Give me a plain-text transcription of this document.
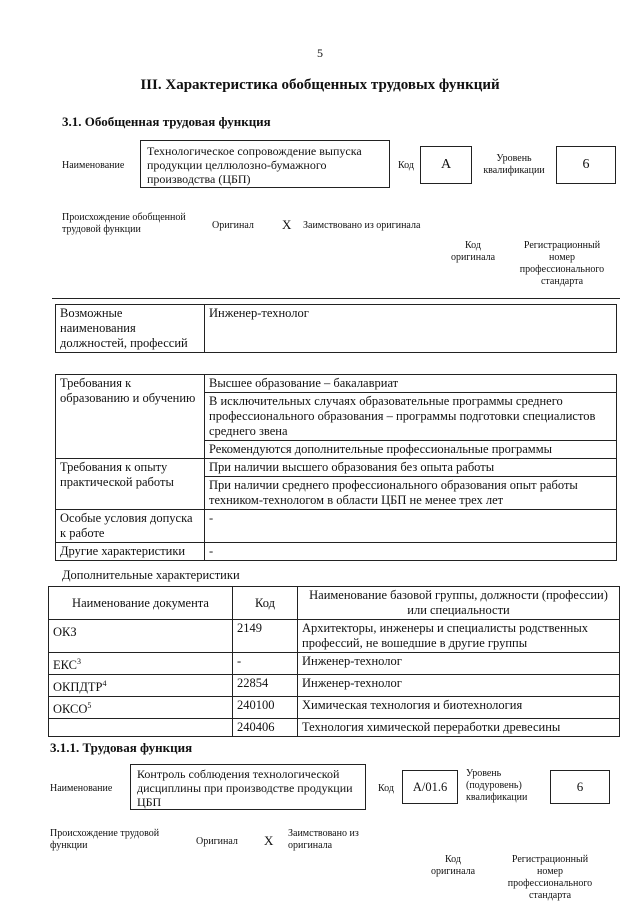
5
III. Характеристика обобщенных трудовых функций
3.1. Обобщенная трудовая функция
Наименование
Технологическое сопровождение выпуска продукции целлюлозно-бумажного производства (ЦБП)
Код	А	Уровень квалификации	6
Происхождение обобщенной трудовой функции	Оригинал X Заимствовано из оригинала
Код оригинала
Регистрационный номер профессионального стандарта
Возможные наименования должностей, профессий	Инженер-технолог
Требования к образованию и обучению	Высшее образование – бакалавриат
	В исключительных случаях образовательные программы среднего профессионального образования – программы подготовки специалистов среднего звена
	Рекомендуются дополнительные профессиональные программы
Требования к опыту практической работы	При наличии высшего образования без опыта работы
	При наличии среднего профессионального образования опыт работы техником-технологом в области ЦБП не менее трех лет
Особые условия допуска к работе	-
Другие характеристики	-
Дополнительные характеристики
Наименование документа	Код	Наименование базовой группы, должности (профессии) или специальности
ОКЗ	2149	Архитекторы, инженеры и специалисты родственных профессий, не вошедшие в другие группы
ЕКС$^3$	-	Инженер-технолог
ОКПДТР$^4$	22854	Инженер-технолог
ОКСО$^5$	240100	Химическая технология и биотехнология
	240406	Технология химической переработки древесины
3.1.1. Трудовая функция
Наименование
Контроль соблюдения технологической дисциплины при производстве продукции ЦБП
Код	А/01.6
Уровень (подуровень) квалификации
6
Происхождение трудовой функции	Оригинал X Заимствовано из оригинала
Код оригинала
Регистрационный номер профессионального стандарта
